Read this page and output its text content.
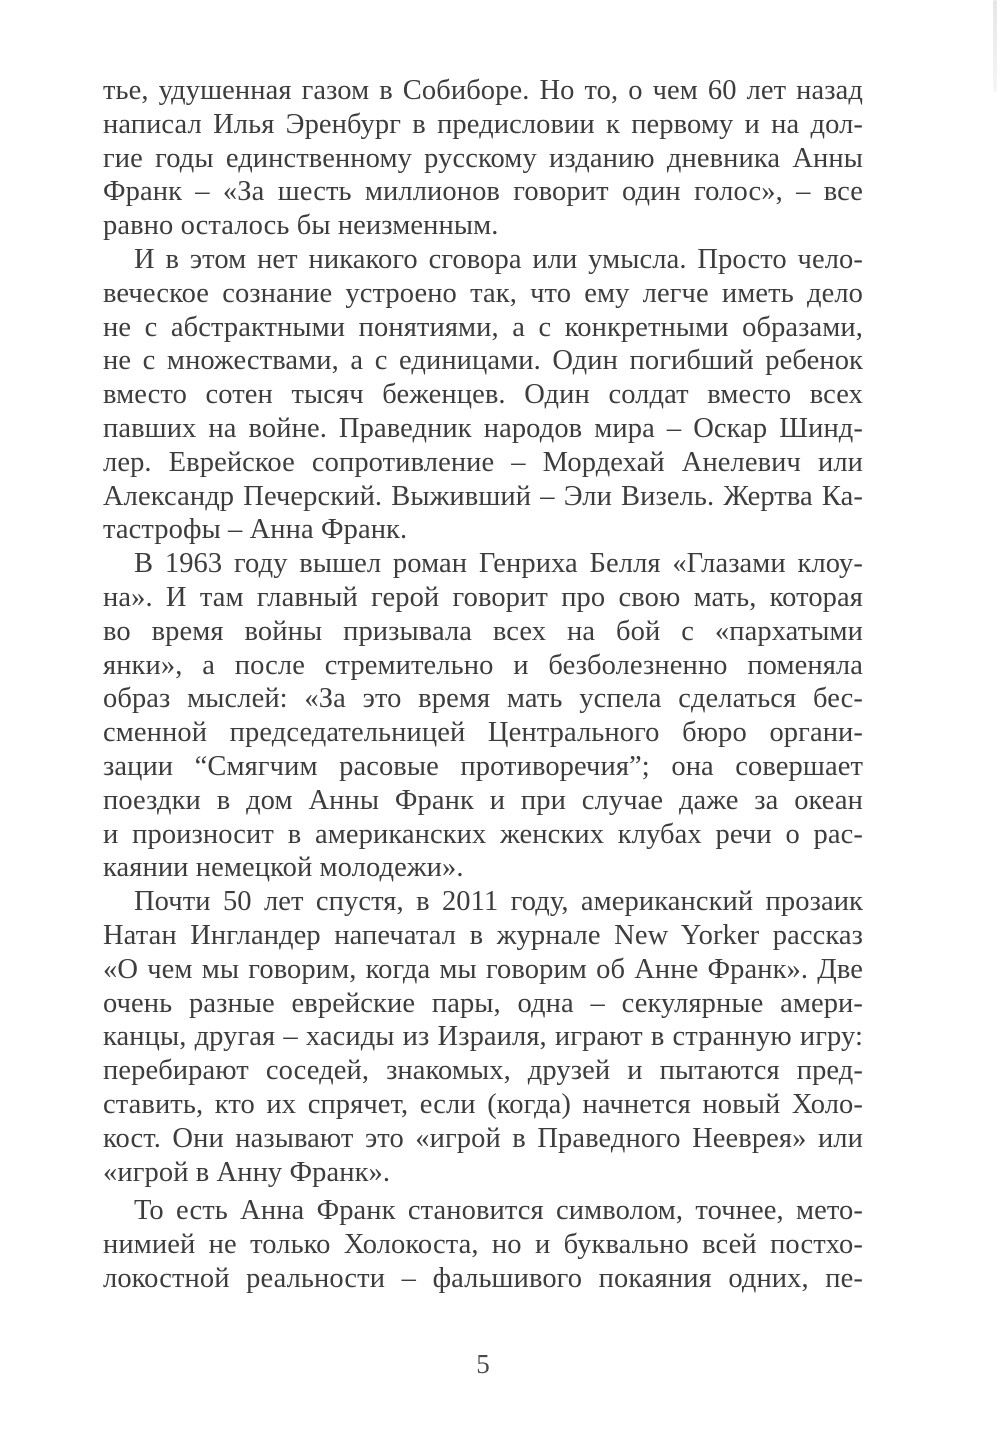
тье, удушенная газом в Собиборе. Но то, о чем 60 лет назад
написал Илья Эренбург в предисловии к первому и на дол-
гие годы единственному русскому изданию дневника Анны
Франк – «За шесть миллионов говорит один голос», – все
равно осталось бы неизменным.

И в этом нет никакого сговора или умысла. Просто чело-
веческое сознание устроено так, что ему легче иметь дело
не с абстрактными понятиями, а с конкретными образами,
не с множествами, а с единицами. Один погибший ребенок
вместо сотен тысяч беженцев. Один солдат вместо всех
павших на войне. Праведник народов мира – Оскар Шинд-
лер. Еврейское сопротивление – Мордехай Анелевич или
Александр Печерский. Выживший – Эли Визель. Жертва Ка-
тастрофы – Анна Франк.

В 1963 году вышел роман Генриха Белля «Глазами клоу-
на». И там главный герой говорит про свою мать, которая
во время войны призывала всех на бой с «пархатыми
янки», а после стремительно и безболезненно поменяла
образ мыслей: «За это время мать успела сделаться бес-
сменной председательницей Центрального бюро органи-
зации “Смягчим расовые противоречия”; она совершает
поездки в дом Анны Франк и при случае даже за океан
и произносит в американских женских клубах речи о рас-
каянии немецкой молодежи».

Почти 50 лет спустя, в 2011 году, американский прозаик
Натан Ингландер напечатал в журнале New Yorker рассказ
«О чем мы говорим, когда мы говорим об Анне Франк». Две
очень разные еврейские пары, одна – секулярные амери-
канцы, другая – хасиды из Израиля, играют в странную игру:
перебирают соседей, знакомых, друзей и пытаются пред-
ставить, кто их спрячет, если (когда) начнется новый Холо-
кост. Они называют это «игрой в Праведного Нееврея» или
«игрой в Анну Франк».

То есть Анна Франк становится символом, точнее, мето-
нимией не только Холокоста, но и буквально всей постхо-
локостной реальности – фальшивого покаяния одних, пе-

5
